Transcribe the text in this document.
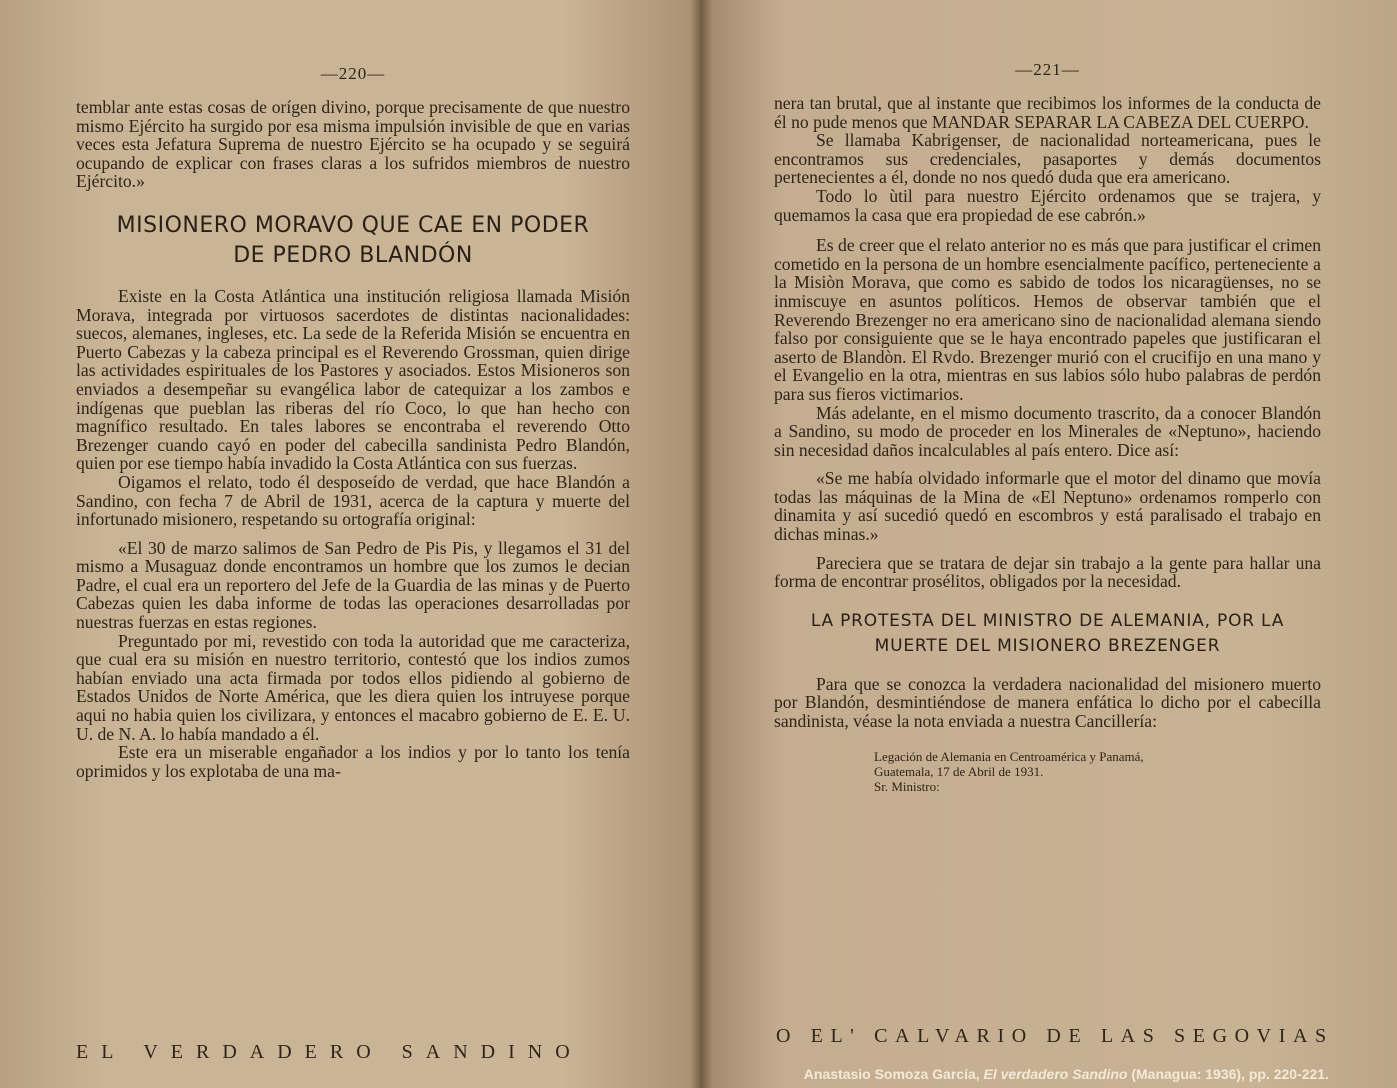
—220—

temblar ante estas cosas de orígen divino, porque precisamente de que nuestro mismo Ejército ha surgido por esa misma impulsión invisible de que en varias veces esta Jefatura Suprema de nuestro Ejército se ha ocupado y se seguirá ocupando de explicar con frases claras a los sufridos miembros de nuestro Ejército.»

MISIONERO MORAVO QUE CAE EN PODER
DE PEDRO BLANDÓN

Existe en la Costa Atlántica una institución religiosa llamada Misión Morava, integrada por virtuosos sacerdotes de distintas nacionalidades: suecos, alemanes, ingleses, etc. La sede de la Referida Misión se encuentra en Puerto Cabezas y la cabeza principal es el Reverendo Grossman, quien dirige las actividades espirituales de los Pastores y asociados. Estos Misioneros son enviados a desempeñar su evangélica labor de catequizar a los zambos e indígenas que pueblan las riberas del río Coco, lo que han hecho con magnífico resultado. En tales labores se encontraba el reverendo Otto Brezenger cuando cayó en poder del cabecilla sandinista Pedro Blandón, quien por ese tiempo había invadido la Costa Atlántica con sus fuerzas.

Oigamos el relato, todo él desposeído de verdad, que hace Blandón a Sandino, con fecha 7 de Abril de 1931, acerca de la captura y muerte del infortunado misionero, respetando su ortografía original:

«El 30 de marzo salimos de San Pedro de Pis Pis, y llegamos el 31 del mismo a Musaguaz donde encontramos un hombre que los zumos le decian Padre, el cual era un reportero del Jefe de la Guardia de las minas y de Puerto Cabezas quien les daba informe de todas las operaciones desarrolladas por nuestras fuerzas en estas regiones.

Preguntado por mi, revestido con toda la autoridad que me caracteriza, que cual era su misión en nuestro territorio, contestó que los indios zumos habían enviado una acta firmada por todos ellos pidiendo al gobierno de Estados Unidos de Norte América, que les diera quien los intruyese porque aqui no habia quien los civilizara, y entonces el macabro gobierno de E. E. U. U. de N. A. lo había mandado a él.

Este era un miserable engañador a los indios y por lo tanto los tenía oprimidos y los explotaba de una ma-

EL VERDADERO SANDINO

—221—

nera tan brutal, que al instante que recibimos los informes de la conducta de él no pude menos que MANDAR SEPARAR LA CABEZA DEL CUERPO.

Se llamaba Kabrigenser, de nacionalidad norteamericana, pues le encontramos sus credenciales, pasaportes y demás documentos pertenecientes a él, donde no nos quedó duda que era americano.

Todo lo ùtil para nuestro Ejército ordenamos que se trajera, y quemamos la casa que era propiedad de ese cabrón.»

Es de creer que el relato anterior no es más que para justificar el crimen cometido en la persona de un hombre esencialmente pacífico, perteneciente a la Misiòn Morava, que como es sabido de todos los nicaragüenses, no se inmiscuye en asuntos políticos. Hemos de observar también que el Reverendo Brezenger no era americano sino de nacionalidad alemana siendo falso por consiguiente que se le haya encontrado papeles que justificaran el aserto de Blandòn. El Rvdo. Brezenger murió con el crucifijo en una mano y el Evangelio en la otra, mientras en sus labios sólo hubo palabras de perdón para sus fieros victimarios.

Más adelante, en el mismo documento trascrito, da a conocer Blandón a Sandino, su modo de proceder en los Minerales de «Neptuno», haciendo sin necesidad daños incalculables al país entero. Dice así:

«Se me había olvidado informarle que el motor del dinamo que movía todas las máquinas de la Mina de «El Neptuno» ordenamos romperlo con dinamita y así sucedió quedó en escombros y está paralisado el trabajo en dichas minas.»

Pareciera que se tratara de dejar sin trabajo a la gente para hallar una forma de encontrar prosélitos, obligados por la necesidad.

LA PROTESTA DEL MINISTRO DE ALEMANIA, POR LA
MUERTE DEL MISIONERO BREZENGER

Para que se conozca la verdadera nacionalidad del misionero muerto por Blandón, desmintiéndose de manera enfática lo dicho por el cabecilla sandinista, véase la nota enviada a nuestra Cancillería:

Legación de Alemania en Centroamérica y Panamá,
Guatemala, 17 de Abril de 1931.
Sr. Ministro:
O EL' CALVARIO DE LAS SEGOVIAS
Anastasio Somoza García, El verdadero Sandino (Managua: 1936), pp. 220-221.
